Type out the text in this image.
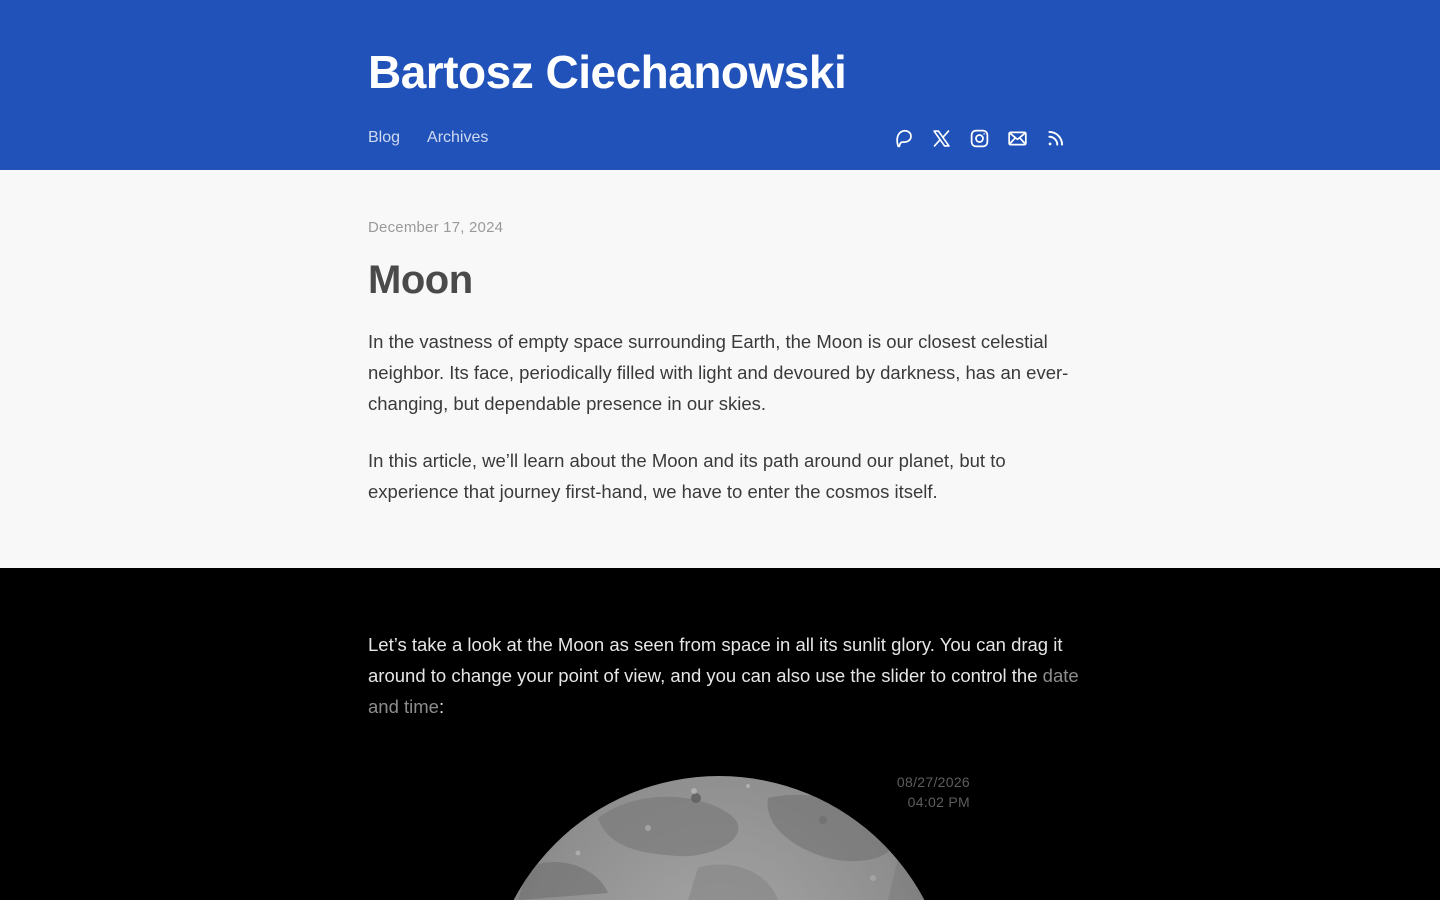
Bartosz Ciechanowski
Blog Archives
December 17, 2024
Moon

In the vastness of empty space surrounding Earth, the Moon is our closest celestial neighbor. Its face, periodically filled with light and devoured by darkness, has an ever-changing, but dependable presence in our skies.

In this article, we’ll learn about the Moon and its path around our planet, but to experience that journey first-hand, we have to enter the cosmos itself.

Let’s take a look at the Moon as seen from space in all its sunlit glory. You can drag it around to change your point of view, and you can also use the slider to control the date and time:

08/27/2026
04:02 PM
